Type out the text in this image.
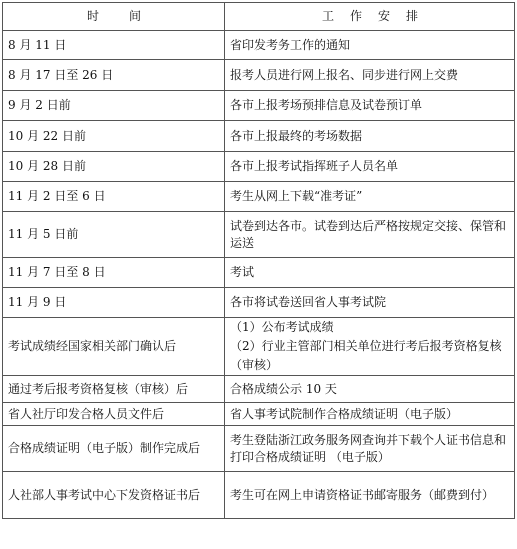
时 间	工 作 安 排
8 月 11 日	省印发考务工作的通知
8 月 17 日至 26 日	报考人员进行网上报名、同步进行网上交费
9 月 2 日前	各市上报考场预排信息及试卷预订单
10 月 22 日前	各市上报最终的考场数据
10 月 28 日前	各市上报考试指挥班子人员名单
11 月 2 日至 6 日	考生从网上下载“准考证”
11 月 5 日前	试卷到达各市。试卷到达后严格按规定交接、保管和运送
11 月 7 日至 8 日	考试
11 月 9 日	各市将试卷送回省人事考试院
考试成绩经国家相关部门确认后	（1）公布考试成绩
（2）行业主管部门相关单位进行考后报考资格复核（审核）

通过考后报考资格复核（审核）后	合格成绩公示 10 天
省人社厅印发合格人员文件后	省人事考试院制作合格成绩证明（电子版）
合格成绩证明（电子版）制作完成后	考生登陆浙江政务服务网查询并下载个人证书信息和打印合格成绩证明 （电子版）
人社部人事考试中心下发资格证书后	考生可在网上申请资格证书邮寄服务（邮费到付）
